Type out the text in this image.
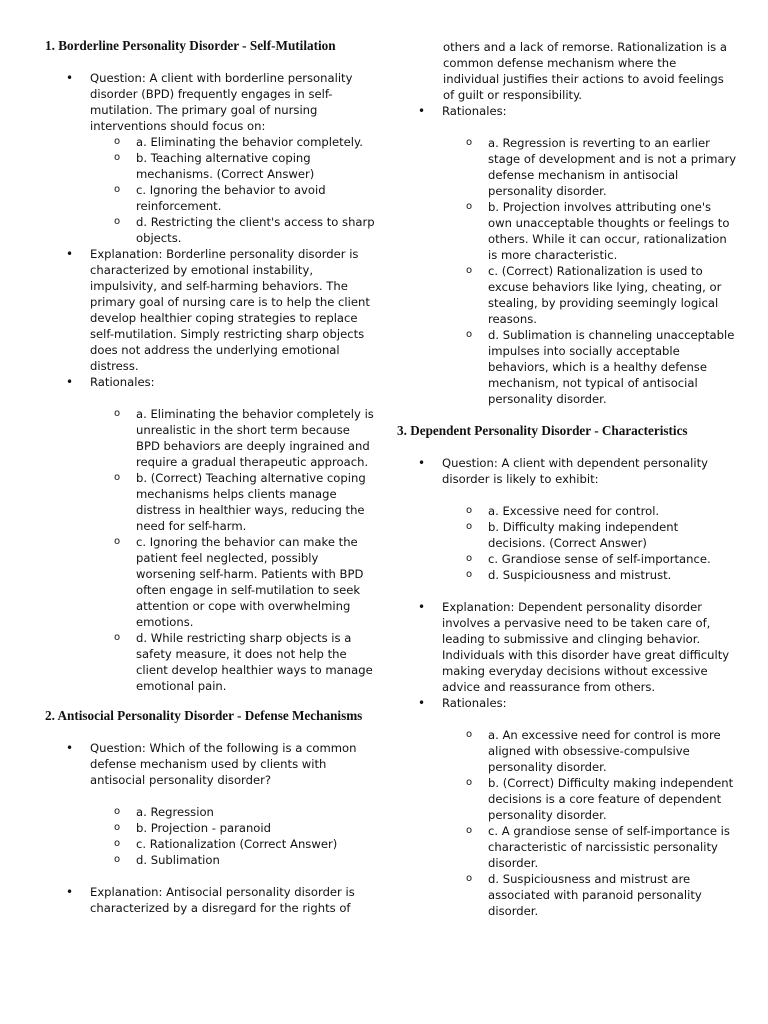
1. Borderline Personality Disorder - Self-Mutilation
• Question: A client with borderline personality disorder (BPD) frequently engages in self-mutilation. The primary goal of nursing interventions should focus on:
o a. Eliminating the behavior completely.
o b. Teaching alternative coping mechanisms. (Correct Answer)
o c. Ignoring the behavior to avoid reinforcement.
o d. Restricting the client's access to sharp objects.
• Explanation: Borderline personality disorder is characterized by emotional instability, impulsivity, and self-harming behaviors. The primary goal of nursing care is to help the client develop healthier coping strategies to replace self-mutilation. Simply restricting sharp objects does not address the underlying emotional distress.
• Rationales:
o a. Eliminating the behavior completely is unrealistic in the short term because BPD behaviors are deeply ingrained and require a gradual therapeutic approach.
o b. (Correct) Teaching alternative coping mechanisms helps clients manage distress in healthier ways, reducing the need for self-harm.
o c. Ignoring the behavior can make the patient feel neglected, possibly worsening self-harm. Patients with BPD often engage in self-mutilation to seek attention or cope with overwhelming emotions.
o d. While restricting sharp objects is a safety measure, it does not help the client develop healthier ways to manage emotional pain.
2. Antisocial Personality Disorder - Defense Mechanisms
• Question: Which of the following is a common defense mechanism used by clients with antisocial personality disorder?
o a. Regression
o b. Projection - paranoid
o c. Rationalization (Correct Answer)
o d. Sublimation
• Explanation: Antisocial personality disorder is characterized by a disregard for the rights of
• Rationales:
o a. Regression is reverting to an earlier stage of development and is not a primary defense mechanism in antisocial personality disorder.
o b. Projection involves attributing one's own unacceptable thoughts or feelings to others. While it can occur, rationalization is more characteristic.
o c. (Correct) Rationalization is used to excuse behaviors like lying, cheating, or stealing, by providing seemingly logical reasons.
o d. Sublimation is channeling unacceptable impulses into socially acceptable behaviors, which is a healthy defense mechanism, not typical of antisocial personality disorder.
3. Dependent Personality Disorder - Characteristics
• Question: A client with dependent personality disorder is likely to exhibit:
o a. Excessive need for control.
o b. Difficulty making independent decisions. (Correct Answer)
o c. Grandiose sense of self-importance.
o d. Suspiciousness and mistrust.
• Explanation: Dependent personality disorder involves a pervasive need to be taken care of, leading to submissive and clinging behavior. Individuals with this disorder have great difficulty making everyday decisions without excessive advice and reassurance from others.
• Rationales:
o a. An excessive need for control is more aligned with obsessive-compulsive personality disorder.
o b. (Correct) Difficulty making independent decisions is a core feature of dependent personality disorder.
o c. A grandiose sense of self-importance is characteristic of narcissistic personality disorder.
o d. Suspiciousness and mistrust are associated with paranoid personality disorder.
others and a lack of remorse. Rationalization is a common defense mechanism where the individual justifies their actions to avoid feelings of guilt or responsibility.
